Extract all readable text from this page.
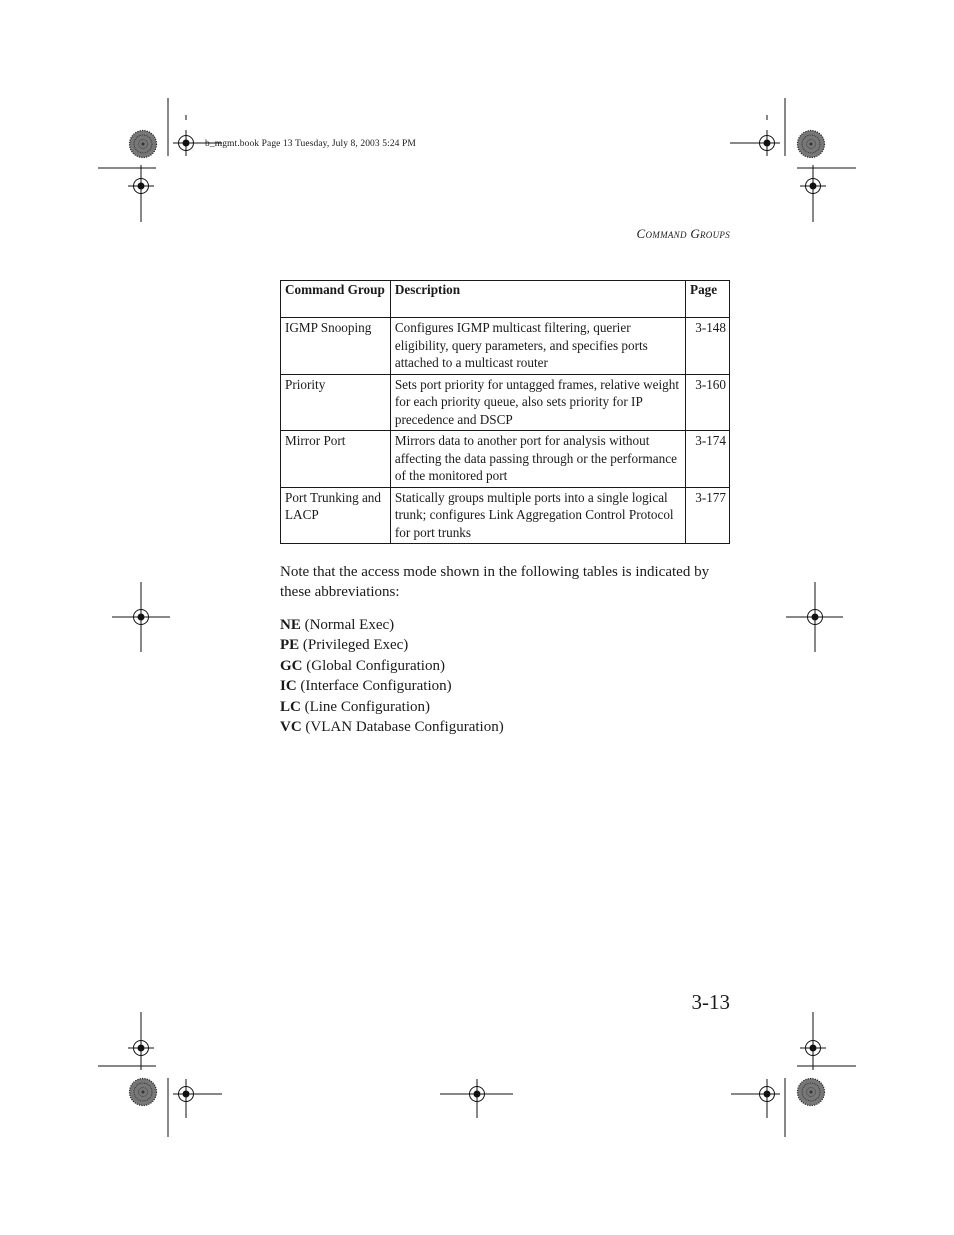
b_mgmt.book Page 13 Tuesday, July 8, 2003 5:24 PM
Command Groups
Command Group	Description	Page
IGMP Snooping	Configures IGMP multicast filtering, querier eligibility, query parameters, and specifies ports attached to a multicast router	3-148
Priority	Sets port priority for untagged frames, relative weight for each priority queue, also sets priority for IP precedence and DSCP	3-160
Mirror Port	Mirrors data to another port for analysis without affecting the data passing through or the performance of the monitored port	3-174
Port Trunking and LACP	Statically groups multiple ports into a single logical trunk; configures Link Aggregation Control Protocol for port trunks	3-177

Note that the access mode shown in the following tables is indicated by these abbreviations:

NE (Normal Exec)
PE (Privileged Exec)
GC (Global Configuration)
IC (Interface Configuration)
LC (Line Configuration)
VC (VLAN Database Configuration)
3-13
